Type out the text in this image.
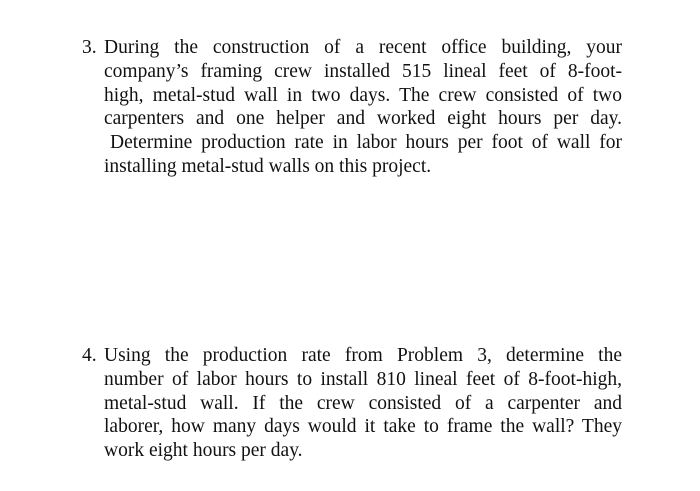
3. During the construction of a recent office building, your
company’s framing crew installed 515 lineal feet of 8-foot-
high, metal-stud wall in two days. The crew consisted of two
carpenters and one helper and worked eight hours per day.
Determine production rate in labor hours per foot of wall for
installing metal-stud walls on this project.
4. Using the production rate from Problem 3, determine the
number of labor hours to install 810 lineal feet of 8-foot-high,
metal-stud wall. If the crew consisted of a carpenter and
laborer, how many days would it take to frame the wall? They
work eight hours per day.
